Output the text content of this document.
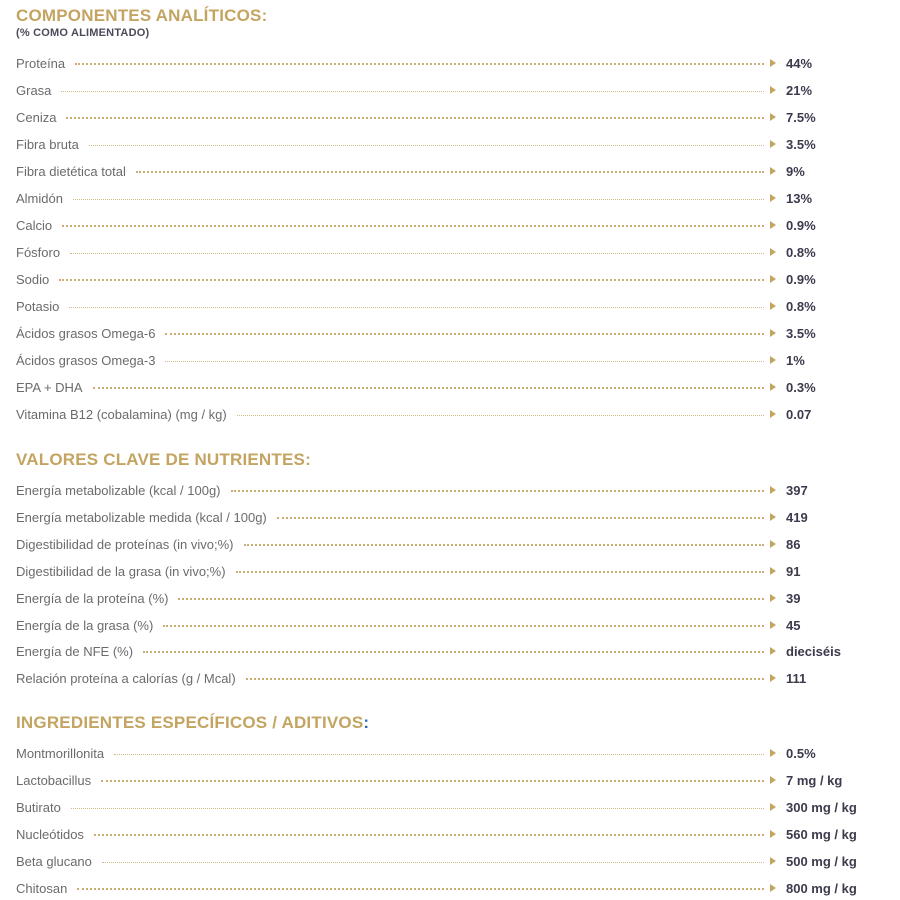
COMPONENTES ANALÍTICOS:
(% COMO ALIMENTADO)
Proteína	44%
Grasa	21%
Ceniza	7.5%
Fibra bruta	3.5%
Fibra dietética total	9%
Almidón	13%
Calcio	0.9%
Fósforo	0.8%
Sodio	0.9%
Potasio	0.8%
Ácidos grasos Omega-6	3.5%
Ácidos grasos Omega-3	1%
EPA + DHA	0.3%
Vitamina B12 (cobalamina) (mg / kg)	0.07
VALORES CLAVE DE NUTRIENTES:
Energía metabolizable (kcal / 100g)	397
Energía metabolizable medida (kcal / 100g)	419
Digestibilidad de proteínas (in vivo;%)	86
Digestibilidad de la grasa (in vivo;%)	91
Energía de la proteína (%)	39
Energía de la grasa (%)	45
Energía de NFE (%)	dieciséis
Relación proteína a calorías (g / Mcal)	111
INGREDIENTES ESPECÍFICOS / ADITIVOS:
Montmorillonita	0.5%
Lactobacillus	7 mg / kg
Butirato	300 mg / kg
Nucleótidos	560 mg / kg
Beta glucano	500 mg / kg
Chitosan	800 mg / kg
